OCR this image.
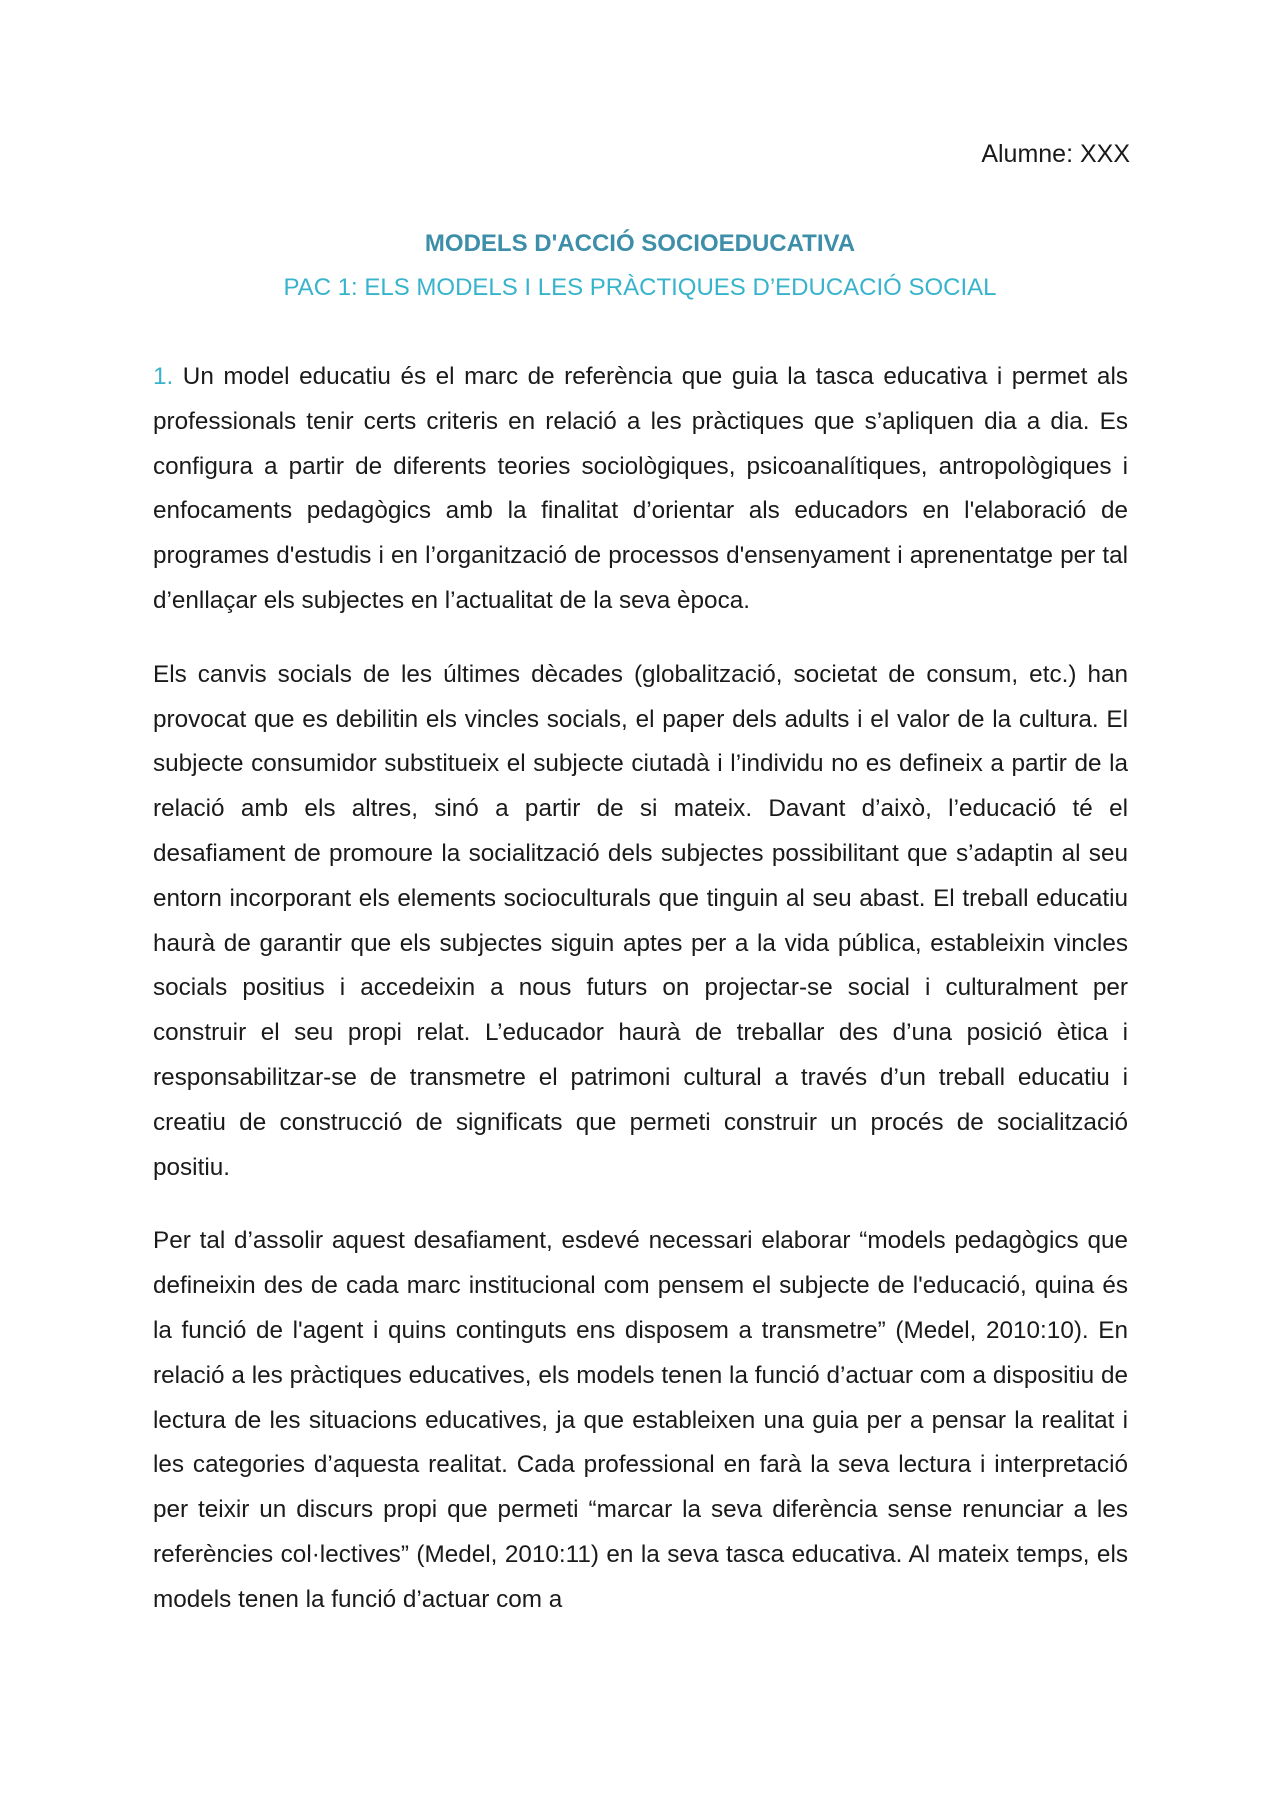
Alumne: XXX
MODELS D'ACCIÓ SOCIOEDUCATIVA
PAC 1: ELS MODELS I LES PRÀCTIQUES D’EDUCACIÓ SOCIAL

1. Un model educatiu és el marc de referència que guia la tasca educativa i permet als professionals tenir certs criteris en relació a les pràctiques que s’apliquen dia a dia. Es configura a partir de diferents teories sociològiques, psicoanalítiques, antropològiques i enfocaments pedagògics amb la finalitat d’orientar als educadors en l'elaboració de programes d'estudis i en l’organització de processos d'ensenyament i aprenentatge per tal d’enllaçar els subjectes en l’actualitat de la seva època.

Els canvis socials de les últimes dècades (globalització, societat de consum, etc.) han provocat que es debilitin els vincles socials, el paper dels adults i el valor de la cultura. El subjecte consumidor substitueix el subjecte ciutadà i l’individu no es defineix a partir de la relació amb els altres, sinó a partir de si mateix. Davant d’això, l’educació té el desafiament de promoure la socialització dels subjectes possibilitant que s’adaptin al seu entorn incorporant els elements socioculturals que tinguin al seu abast. El treball educatiu haurà de garantir que els subjectes siguin aptes per a la vida pública, estableixin vincles socials positius i accedeixin a nous futurs on projectar-se social i culturalment per construir el seu propi relat. L’educador haurà de treballar des d’una posició ètica i responsabilitzar-se de transmetre el patrimoni cultural a través d’un treball educatiu i creatiu de construcció de significats que permeti construir un procés de socialització positiu.

Per tal d’assolir aquest desafiament, esdevé necessari elaborar “models pedagògics que defineixin des de cada marc institucional com pensem el subjecte de l'educació, quina és la funció de l'agent i quins continguts ens disposem a transmetre” (Medel, 2010:10). En relació a les pràctiques educatives, els models tenen la funció d’actuar com a dispositiu de lectura de les situacions educatives, ja que estableixen una guia per a pensar la realitat i les categories d’aquesta realitat. Cada professional en farà la seva lectura i interpretació per teixir un discurs propi que permeti “marcar la seva diferència sense renunciar a les referències col·lectives” (Medel, 2010:11) en la seva tasca educativa. Al mateix temps, els models tenen la funció d’actuar com a
